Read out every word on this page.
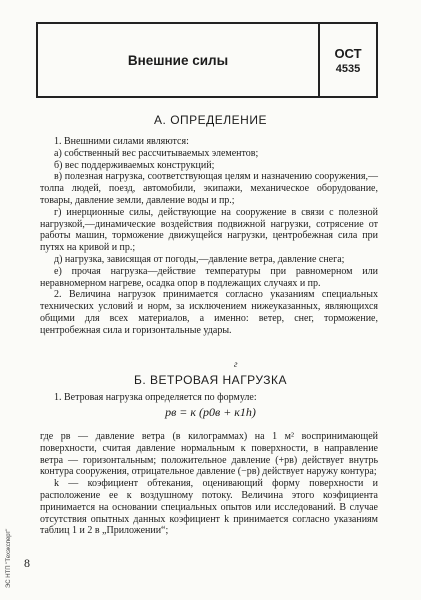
Внешние силы	ОСТ
4535
А. ОПРЕДЕЛЕНИЕ

1. Внешними силами являются:

а) собственный вес рассчитываемых элементов;

б) вес поддерживаемых конструкций;

в) полезная нагрузка, соответствующая целям и назначению сооружения,—толпа людей, поезд, автомобили, экипажи, механическое оборудование, товары, давление земли, давление воды и пр.;

г) инерционные силы, действующие на сооружение в связи с полезной нагрузкой,—динамические воздействия подвижной нагрузки, сотрясение от работы машин, торможение движущейся нагрузки, центробежная сила при путях на кривой и пр.;

д) нагрузка, зависящая от погоды,—давление ветра, давление снега;

е) прочая нагрузка—действие температуры при равномерном или неравномерном нагреве, осадка опор в подлежащих случаях и пр.

2. Величина нагрузок принимается согласно указаниям специальных технических условий и норм, за исключением нижеуказанных, являющихся общими для всех материалов, а именно: ветер, снег, торможение, центробежная сила и горизонтальные удары.

г
Б. ВЕТРОВАЯ НАГРУЗКА

1. Ветровая нагрузка определяется по формуле:

pв = к (p0в + к1h)

где pв — давление ветра (в килограммах) на 1 м² воспринимающей поверхности, считая давление нормальным к поверхности, в направление ветра — горизонтальным; положительное давление (+pв) действует внутрь контура сооружения, отрицательное давление (−pв) действует наружу контура;

k — коэфициент обтекания, оценивающий форму поверхности и расположение ее к воздушному потоку. Величина этого коэфициента принимается на основании специальных опытов или исследований. В случае отсутствия опытных данных коэфициент k принимается согласно указаниям таблиц 1 и 2 в „Приложении“;

8
ЭС НТП "Техэксперт"
